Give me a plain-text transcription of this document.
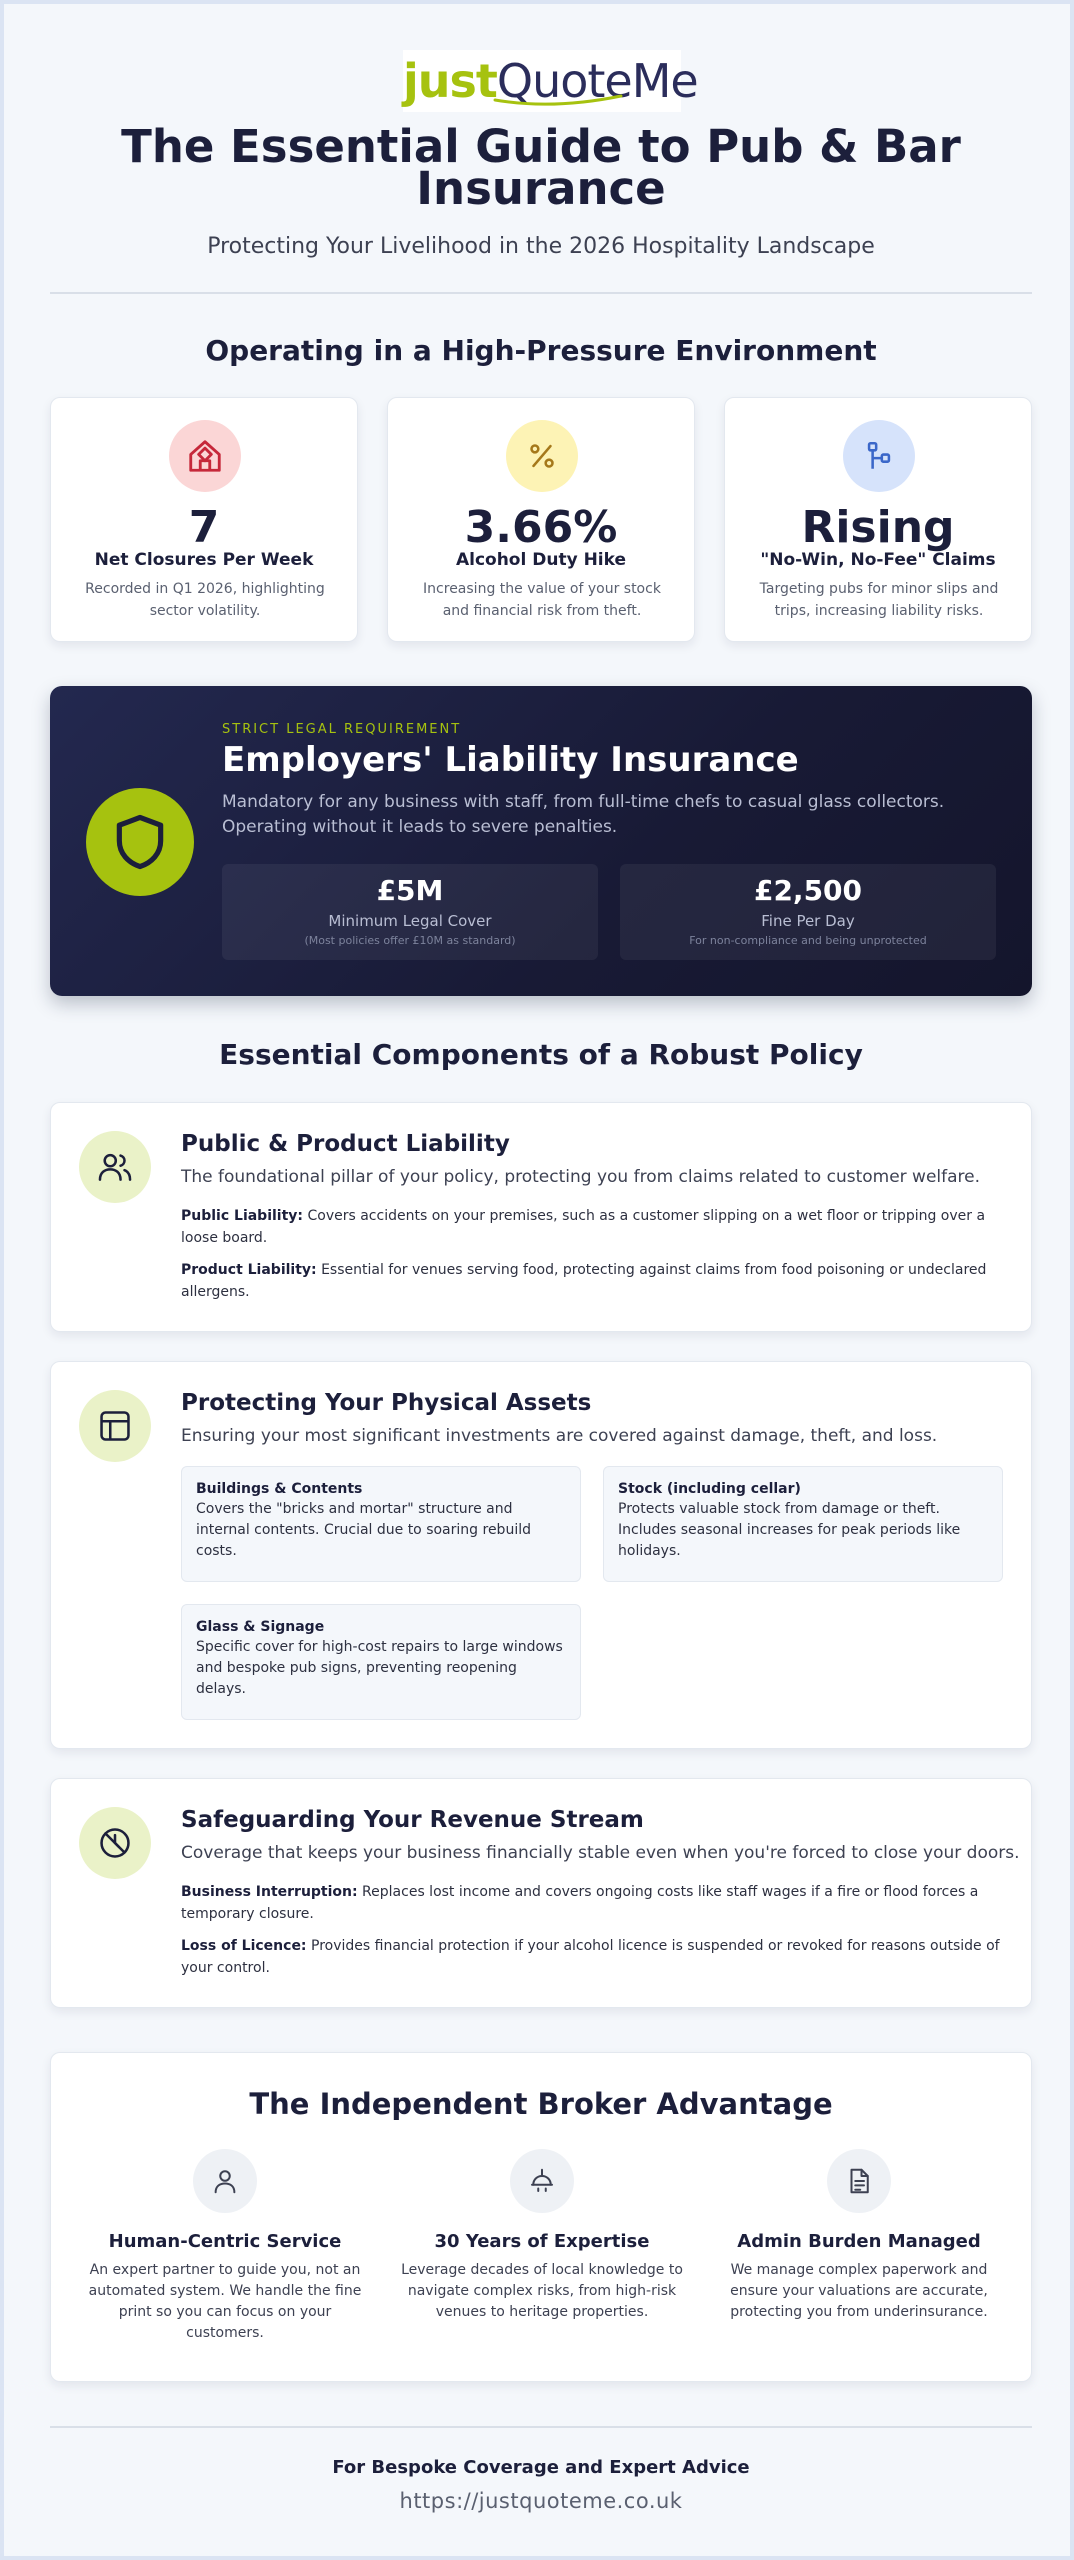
justQuoteMe
The Essential Guide to Pub & Bar Insurance
Protecting Your Livelihood in the 2026 Hospitality Landscape
Operating in a High-Pressure Environment
7
Net Closures Per Week
Recorded in Q1 2026, highlighting sector volatility.
3.66%
Alcohol Duty Hike
Increasing the value of your stock and financial risk from theft.
Rising
"No-Win, No-Fee" Claims
Targeting pubs for minor slips and trips, increasing liability risks.
STRICT LEGAL REQUIREMENT
Employers' Liability Insurance
Mandatory for any business with staff, from full-time chefs to casual glass collectors. Operating without it leads to severe penalties.
£5M
Minimum Legal Cover
(Most policies offer £10M as standard)
£2,500
Fine Per Day
For non-compliance and being unprotected
Essential Components of a Robust Policy
Public & Product Liability
The foundational pillar of your policy, protecting you from claims related to customer welfare.
Public Liability: Covers accidents on your premises, such as a customer slipping on a wet floor or tripping over a loose board.
Product Liability: Essential for venues serving food, protecting against claims from food poisoning or undeclared allergens.
Protecting Your Physical Assets
Ensuring your most significant investments are covered against damage, theft, and loss.
Buildings & Contents
Covers the "bricks and mortar" structure and internal contents. Crucial due to soaring rebuild costs.
Stock (including cellar)
Protects valuable stock from damage or theft. Includes seasonal increases for peak periods like holidays.
Glass & Signage
Specific cover for high-cost repairs to large windows and bespoke pub signs, preventing reopening delays.
Safeguarding Your Revenue Stream
Coverage that keeps your business financially stable even when you're forced to close your doors.
Business Interruption: Replaces lost income and covers ongoing costs like staff wages if a fire or flood forces a temporary closure.
Loss of Licence: Provides financial protection if your alcohol licence is suspended or revoked for reasons outside of your control.
The Independent Broker Advantage
Human-Centric Service
An expert partner to guide you, not an automated system. We handle the fine print so you can focus on your customers.
30 Years of Expertise
Leverage decades of local knowledge to navigate complex risks, from high-risk venues to heritage properties.
Admin Burden Managed
We manage complex paperwork and ensure your valuations are accurate, protecting you from underinsurance.
For Bespoke Coverage and Expert Advice
https://justquoteme.co.uk
